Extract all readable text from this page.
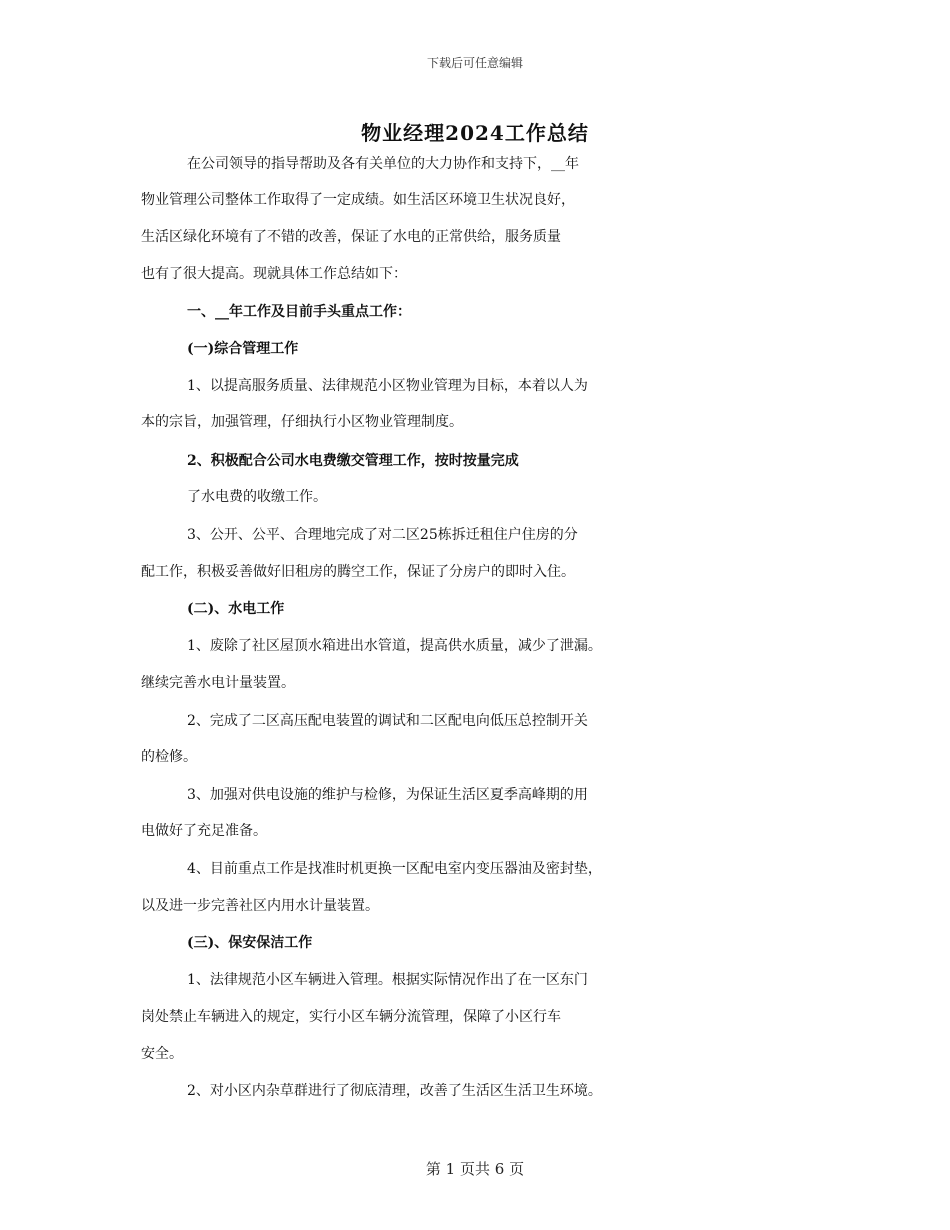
下载后可任意编辑
物业经理2024工作总结
在公司领导的指导帮助及各有关单位的大力协作和支持下，__年
物业管理公司整体工作取得了一定成绩。如生活区环境卫生状况良好，
生活区绿化环境有了不错的改善，保证了水电的正常供给，服务质量
也有了很大提高。现就具体工作总结如下：
一、__年工作及目前手头重点工作：
(一)综合管理工作
1、以提高服务质量、法律规范小区物业管理为目标，本着以人为
本的宗旨，加强管理，仔细执行小区物业管理制度。
2、积极配合公司水电费缴交管理工作，按时按量完成
了水电费的收缴工作。
3、公开、公平、合理地完成了对二区25栋拆迁租住户住房的分
配工作，积极妥善做好旧租房的腾空工作，保证了分房户的即时入住。
(二)、水电工作
1、废除了社区屋顶水箱进出水管道，提高供水质量，减少了泄漏。
继续完善水电计量装置。
2、完成了二区高压配电装置的调试和二区配电向低压总控制开关
的检修。
3、加强对供电设施的维护与检修，为保证生活区夏季高峰期的用
电做好了充足准备。
4、目前重点工作是找准时机更换一区配电室内变压器油及密封垫，
以及进一步完善社区内用水计量装置。
(三)、保安保洁工作
1、法律规范小区车辆进入管理。根据实际情况作出了在一区东门
岗处禁止车辆进入的规定，实行小区车辆分流管理，保障了小区行车
安全。
2、对小区内杂草群进行了彻底清理，改善了生活区生活卫生环境。
第 1 页共 6 页
